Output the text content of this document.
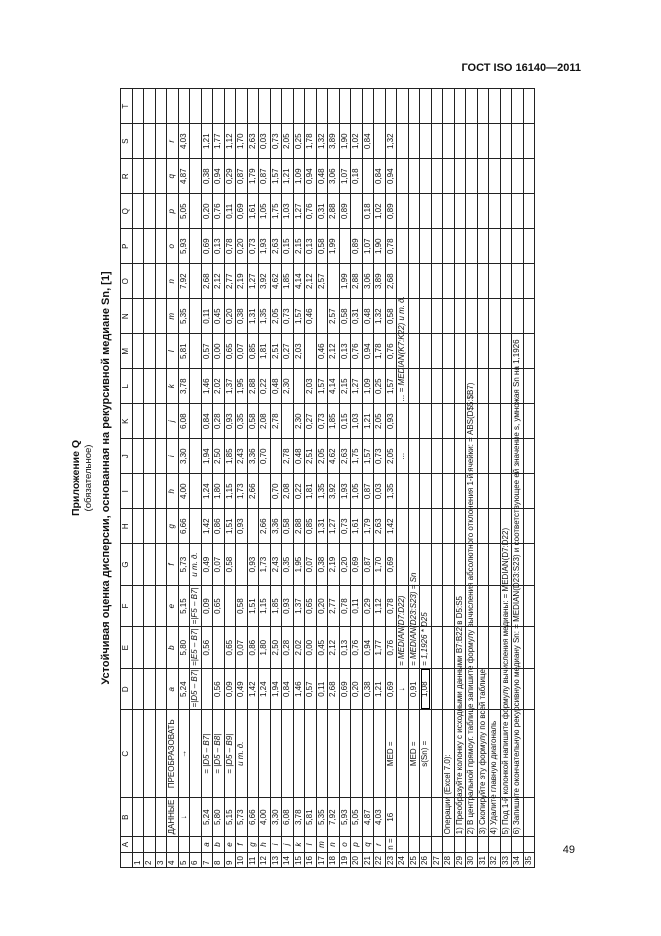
ГОСТ ISO 16140—2011
Приложение Q (обязательное) Устойчивая оценка дисперсии, основанная на рекурсивной медиане Sn, [1]
	A	B	C	D	E	F	G	H	I	J	K	L	M	N	O	P	Q	R	S	T
1																				
2																				
3																				
4		ДАННЫЕ	ПРЕОБРАЗОВАТЬ	a	b	e	f	g	h	i	j	k	l	m	n	o	p	q	r	
5		↓	→	5,24	5,80	5,15	5,73	6,66	4,00	3,30	6,08	3,78	5,81	5,35	7,92	5,93	5,05	4,87	4,03	
6				=|D5 – B7|	=|E5 – B7|	=|F5 – B7|	и т. д.													
7	a	5,24	= |D5 – B7|		0,56	0,09	0,49	1,42	1,24	1,94	0,84	1,46	0,57	0,11	2,68	0,69	0,20	0,38	1,21	
8	b	5,80	= |D5 – B8|	0,56		0,65	0,07	0,86	1,80	2,50	0,28	2,02	0,00	0,45	2,12	0,13	0,76	0,94	1,77	
9	e	5,15	= |D5 – B9|	0,09	0,65		0,58	1,51	1,15	1,85	0,93	1,37	0,65	0,20	2,77	0,78	0,11	0,29	1,12	
10	f	5,73	и т. д.	0,49	0,07	0,58		0,93	1,73	2,43	0,35	1,95	0,07	0,38	2,19	0,20	0,69	0,87	1,70	
11	g	6,66		1,42	0,86	1,51	0,93		2,66	3,36	0,58	2,88	0,85	1,31	1,27	0,73	1,61	1,79	2,63	
12	h	4,00		1,24	1,80	1,15	1,73	2,66		0,70	2,08	0,22	1,81	1,35	3,92	1,93	1,05	0,87	0,03	
13	i	3,30		1,94	2,50	1,85	2,43	3,36	0,70		2,78	0,48	2,51	2,05	4,62	2,63	1,75	1,57	0,73	
14	j	6,08		0,84	0,28	0,93	0,35	0,58	2,08	2,78		2,30	0,27	0,73	1,85	0,15	1,03	1,21	2,05	
15	k	3,78		1,46	2,02	1,37	1,95	2,88	0,22	0,48	2,30		2,03	1,57	4,14	2,15	1,27	1,09	0,25	
16	l	5,81		0,57	0,00	0,65	0,07	0,85	1,81	2,51	0,27	2,03		0,46	2,12	0,13	0,76	0,94	1,78	
17	m	5,35		0,11	0,45	0,20	0,38	1,31	1,35	2,05	0,73	1,57	0,46		2,57	0,58	0,31	0,48	1,32	
18	n	7,92		2,68	2,12	2,77	2,19	1,27	3,92	4,62	1,85	4,14	2,12	2,57		1,99	2,88	3,06	3,89	
19	o	5,93		0,69	0,13	0,78	0,20	0,73	1,93	2,63	0,15	2,15	0,13	0,58	1,99		0,89	1,07	1,90	
20	p	5,05		0,20	0,76	0,11	0,69	1,61	1,05	1,75	1,03	1,27	0,76	0,31	2,88	0,89		0,18	1,02	
21	q	4,87		0,38	0,94	0,29	0,87	1,79	0,87	1,57	1,21	1,09	0,94	0,48	3,06	1,07	0,18		0,84	
22	r	4,03		1,21	1,77	1,12	1,70	2,63	0,03	0,73	2,05	0,25	1,78	1,32	3,89	1,90	1,02	0,84		
23	n =	16	MED =	0,69	0,76	0,78	0,69	1,42	1,35	2,05	0,93	1,57	0,76	0,58	2,68	0,78	0,89	0,94	1,32	
24				↓	= MEDIAN(D7:D22)					...		... = MEDIAN(K7:K22) и т. д.								
25			MED =	0,91	= MEDIAN(D23:S23) = Sn															
26			s(Sn) =	1,08	= 1,1926 * D25															
27																				
28		Операции (Excel 7.0):																		
29		1) Преобразуйте колонку с исходными данными B7:B22 в D5:S5																		
30		2) В центральной прямоуг. таблице запишите формулу вычисления абсолютного отклонения 1-й ячейки: = ABS(D$5:$B7)																		
31		3) Скопируйте эту формулу по всей таблице																		
32		4) Удалите главную диагональ																		
33		5) Под 1-й колонкой напишите формулу вычисления медианы: = MEDIAN(D7:D22)																		
34		6) Запишите окончательную рекурсивную медиану Sn: = MEDIAN(D23:S23) и соответствующее ей значение s, умножая Sn на 1,1926																		
35																				
49
